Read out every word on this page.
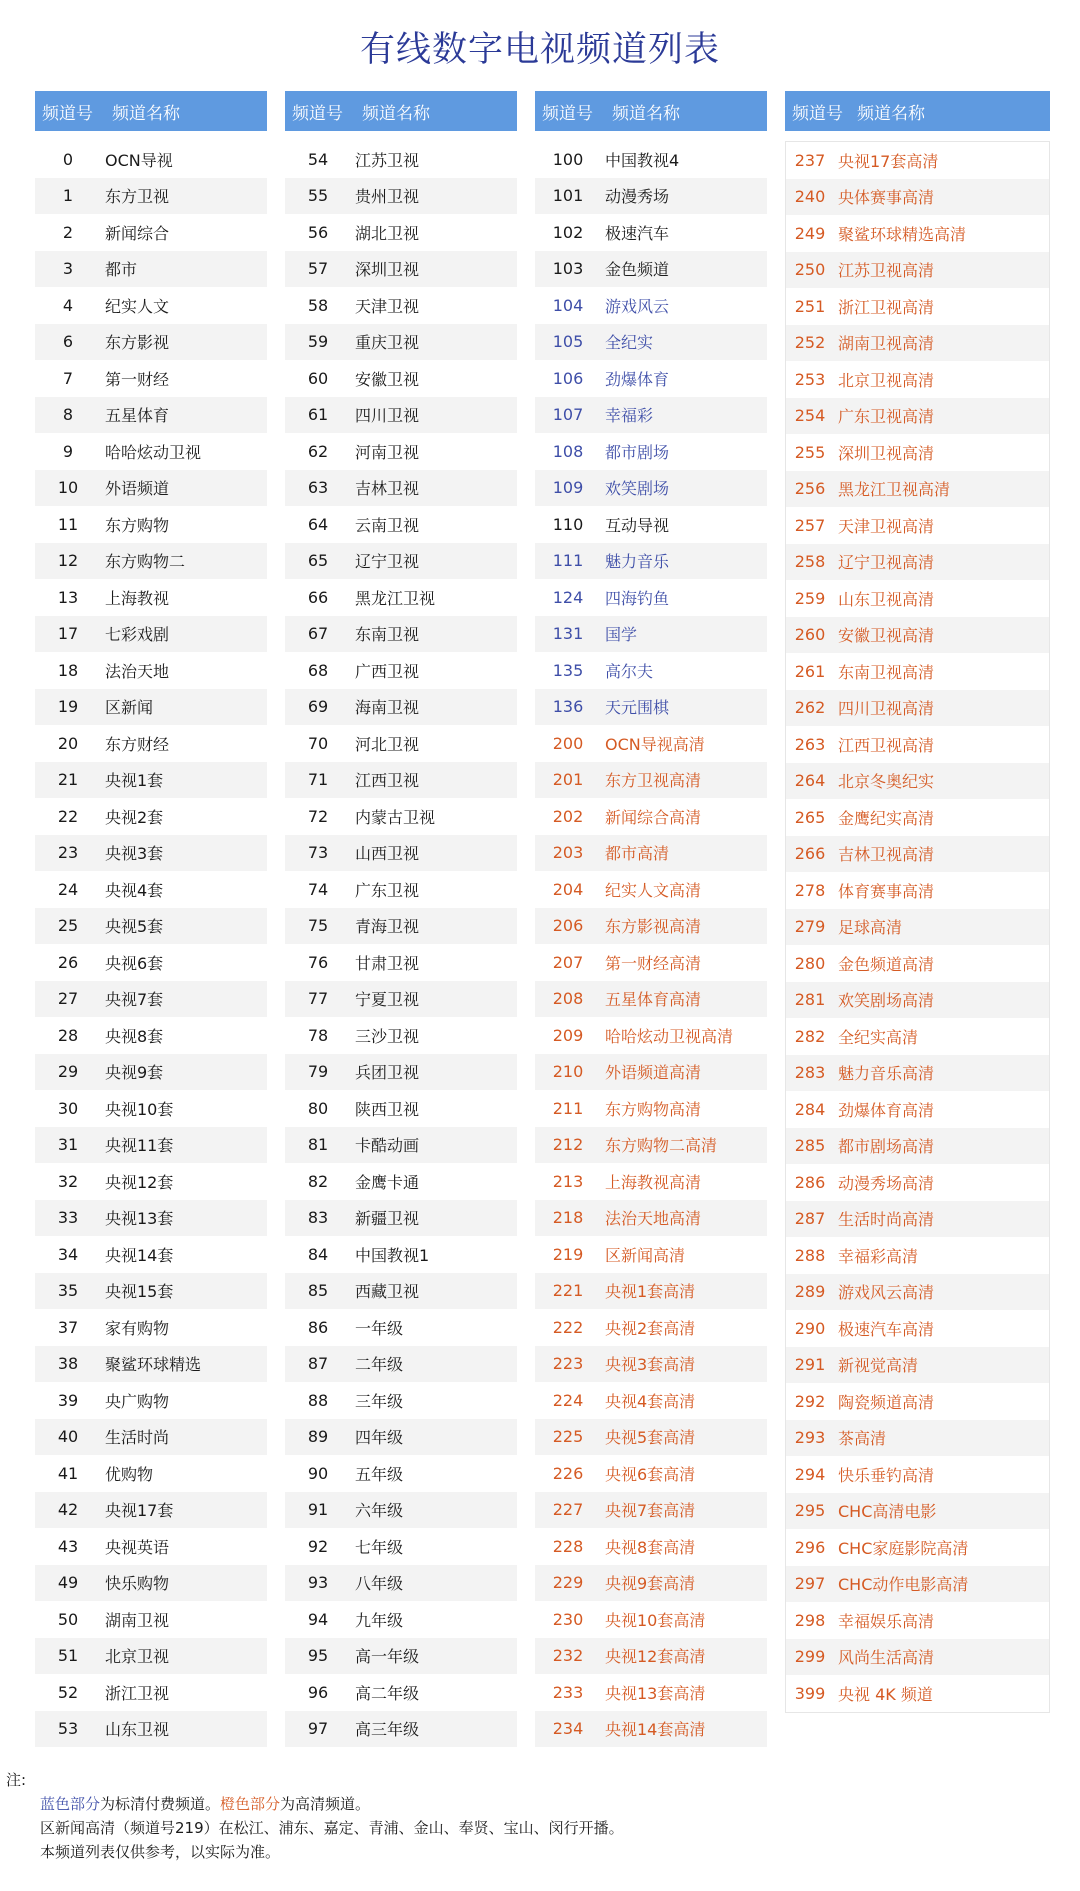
有线数字电视频道列表
频道号	频道名称
0	OCN导视
1	东方卫视
2	新闻综合
3	都市
4	纪实人文
6	东方影视
7	第一财经
8	五星体育
9	哈哈炫动卫视
10	外语频道
11	东方购物
12	东方购物二
13	上海教视
17	七彩戏剧
18	法治天地
19	区新闻
20	东方财经
21	央视1套
22	央视2套
23	央视3套
24	央视4套
25	央视5套
26	央视6套
27	央视7套
28	央视8套
29	央视9套
30	央视10套
31	央视11套
32	央视12套
33	央视13套
34	央视14套
35	央视15套
37	家有购物
38	聚鲨环球精选
39	央广购物
40	生活时尚
41	优购物
42	央视17套
43	央视英语
49	快乐购物
50	湖南卫视
51	北京卫视
52	浙江卫视
53	山东卫视
频道号	频道名称
54	江苏卫视
55	贵州卫视
56	湖北卫视
57	深圳卫视
58	天津卫视
59	重庆卫视
60	安徽卫视
61	四川卫视
62	河南卫视
63	吉林卫视
64	云南卫视
65	辽宁卫视
66	黑龙江卫视
67	东南卫视
68	广西卫视
69	海南卫视
70	河北卫视
71	江西卫视
72	内蒙古卫视
73	山西卫视
74	广东卫视
75	青海卫视
76	甘肃卫视
77	宁夏卫视
78	三沙卫视
79	兵团卫视
80	陕西卫视
81	卡酷动画
82	金鹰卡通
83	新疆卫视
84	中国教视1
85	西藏卫视
86	一年级
87	二年级
88	三年级
89	四年级
90	五年级
91	六年级
92	七年级
93	八年级
94	九年级
95	高一年级
96	高二年级
97	高三年级
频道号	频道名称
100	中国教视4
101	动漫秀场
102	极速汽车
103	金色频道
104	游戏风云
105	全纪实
106	劲爆体育
107	幸福彩
108	都市剧场
109	欢笑剧场
110	互动导视
111	魅力音乐
124	四海钓鱼
131	国学
135	高尔夫
136	天元围棋
200	OCN导视高清
201	东方卫视高清
202	新闻综合高清
203	都市高清
204	纪实人文高清
206	东方影视高清
207	第一财经高清
208	五星体育高清
209	哈哈炫动卫视高清
210	外语频道高清
211	东方购物高清
212	东方购物二高清
213	上海教视高清
218	法治天地高清
219	区新闻高清
221	央视1套高清
222	央视2套高清
223	央视3套高清
224	央视4套高清
225	央视5套高清
226	央视6套高清
227	央视7套高清
228	央视8套高清
229	央视9套高清
230	央视10套高清
232	央视12套高清
233	央视13套高清
234	央视14套高清
频道号 频道名称
237 央视17套高清
240 央体赛事高清
249 聚鲨环球精选高清
250 江苏卫视高清
251 浙江卫视高清
252 湖南卫视高清
253 北京卫视高清
254 广东卫视高清
255 深圳卫视高清
256 黑龙江卫视高清
257 天津卫视高清
258 辽宁卫视高清
259 山东卫视高清
260 安徽卫视高清
261 东南卫视高清
262 四川卫视高清
263 江西卫视高清
264 北京冬奥纪实
265 金鹰纪实高清
266 吉林卫视高清
278 体育赛事高清
279 足球高清
280 金色频道高清
281 欢笑剧场高清
282 全纪实高清
283 魅力音乐高清
284 劲爆体育高清
285 都市剧场高清
286 动漫秀场高清
287 生活时尚高清
288 幸福彩高清
289 游戏风云高清
290 极速汽车高清
291 新视觉高清
292 陶瓷频道高清
293 茶高清
294 快乐垂钓高清
295 CHC高清电影
296 CHC家庭影院高清
297 CHC动作电影高清
298 幸福娱乐高清
299 风尚生活高清
399 央视 4K 频道
注:
蓝色部分为标清付费频道。橙色部分为高清频道。
区新闻高清（频道号219）在松江、浦东、嘉定、青浦、金山、奉贤、宝山、闵行开播。
本频道列表仅供参考，以实际为准。
